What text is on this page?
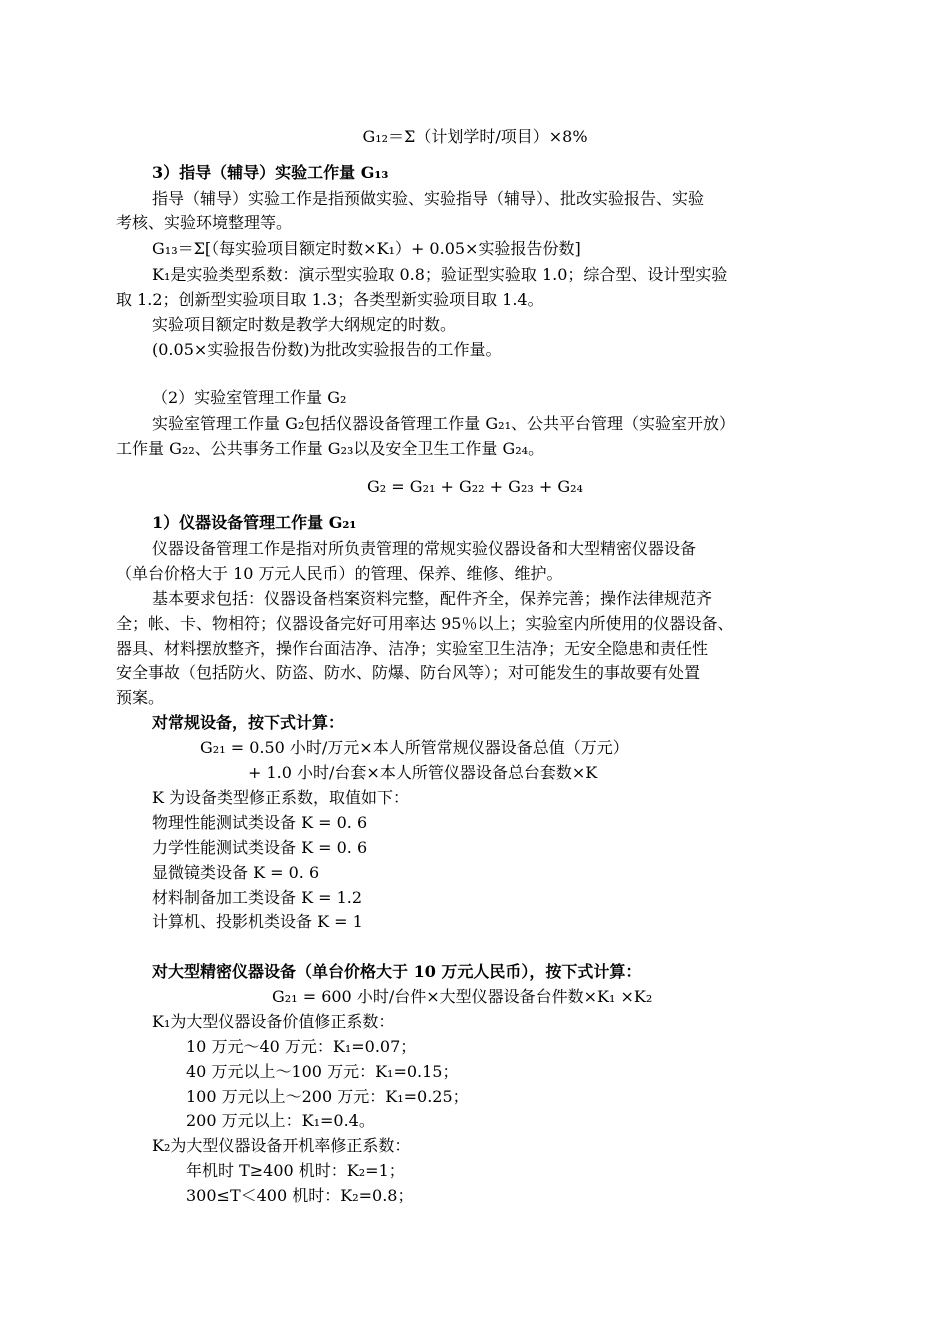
G₁₂＝Σ（计划学时/项目）×8%
3）指导（辅导）实验工作量 G₁₃
指导（辅导）实验工作是指预做实验、实验指导（辅导）、批改实验报告、实验
考核、实验环境整理等。
G₁₃＝Σ[（每实验项目额定时数×K₁）+ 0.05×实验报告份数]
K₁是实验类型系数：演示型实验取 0.8；验证型实验取 1.0；综合型、设计型实验
取 1.2；创新型实验项目取 1.3；各类型新实验项目取 1.4。
实验项目额定时数是教学大纲规定的时数。
(0.05×实验报告份数)为批改实验报告的工作量。
（2）实验室管理工作量 G₂
实验室管理工作量 G₂包括仪器设备管理工作量 G₂₁、公共平台管理（实验室开放）
工作量 G₂₂、公共事务工作量 G₂₃以及安全卫生工作量 G₂₄。
G₂ = G₂₁ + G₂₂ + G₂₃ + G₂₄
1）仪器设备管理工作量 G₂₁
仪器设备管理工作是指对所负责管理的常规实验仪器设备和大型精密仪器设备
（单台价格大于 10 万元人民币）的管理、保养、维修、维护。
基本要求包括：仪器设备档案资料完整，配件齐全，保养完善；操作法律规范齐
全；帐、卡、物相符；仪器设备完好可用率达 95％以上；实验室内所使用的仪器设备、
器具、材料摆放整齐，操作台面洁净、洁净；实验室卫生洁净；无安全隐患和责任性
安全事故（包括防火、防盗、防水、防爆、防台风等）；对可能发生的事故要有处置
预案。
对常规设备，按下式计算：
G₂₁ = 0.50 小时/万元×本人所管常规仪器设备总值（万元）
+ 1.0 小时/台套×本人所管仪器设备总台套数×K
K 为设备类型修正系数，取值如下：
物理性能测试类设备 K = 0. 6
力学性能测试类设备 K = 0. 6
显微镜类设备 K = 0. 6
材料制备加工类设备 K = 1.2
计算机、投影机类设备 K = 1
对大型精密仪器设备（单台价格大于 10 万元人民币），按下式计算：
G₂₁ = 600 小时/台件×大型仪器设备台件数×K₁ ×K₂
K₁为大型仪器设备价值修正系数：
10 万元～40 万元：K₁=0.07；
40 万元以上～100 万元：K₁=0.15；
100 万元以上～200 万元：K₁=0.25；
200 万元以上：K₁=0.4。
K₂为大型仪器设备开机率修正系数：
年机时 T≥400 机时：K₂=1；
300≤T＜400 机时：K₂=0.8；
